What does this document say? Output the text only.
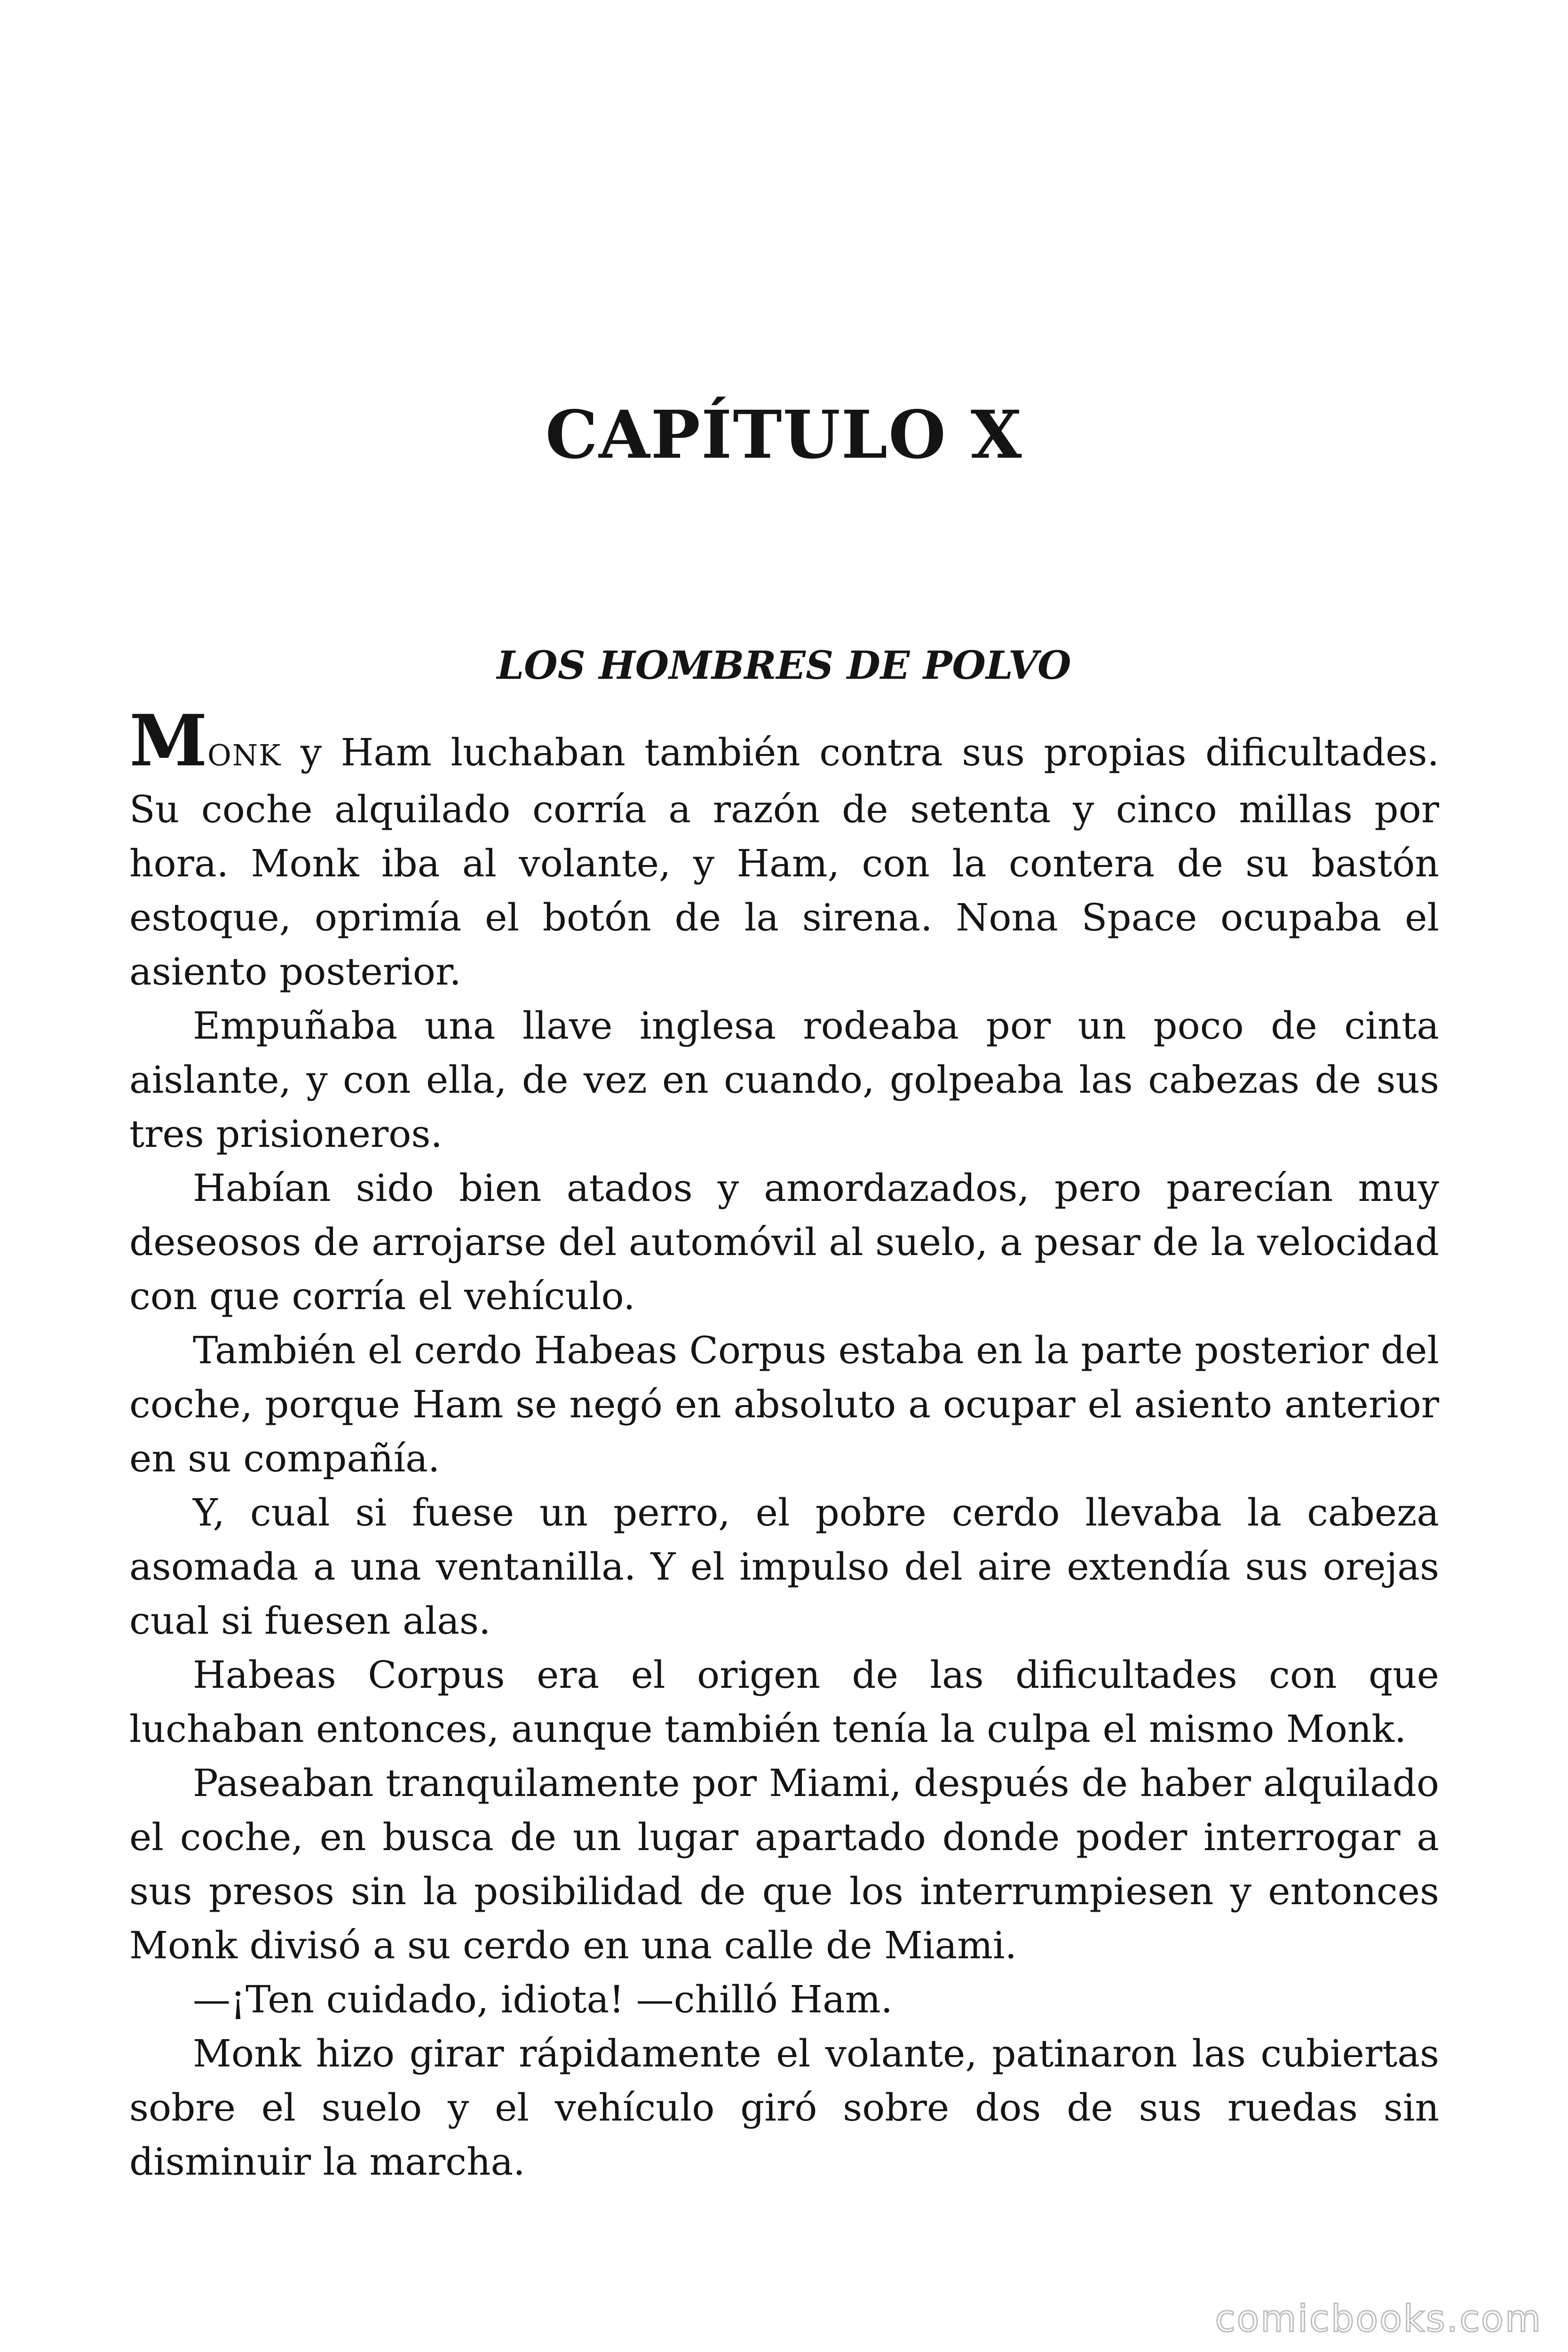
CAPÍTULO X
LOS HOMBRES DE POLVO

MONK y Ham luchaban también contra sus propias dificultades. Su coche alquilado corría a razón de setenta y cinco millas por hora. Monk iba al volante, y Ham, con la contera de su bastón estoque, oprimía el botón de la sirena. Nona Space ocupaba el asiento posterior.

Empuñaba una llave inglesa rodeaba por un poco de cinta aislante, y con ella, de vez en cuando, golpeaba las cabezas de sus tres prisioneros.

Habían sido bien atados y amordazados, pero parecían muy deseosos de arrojarse del automóvil al suelo, a pesar de la velocidad con que corría el vehículo.

También el cerdo Habeas Corpus estaba en la parte posterior del coche, porque Ham se negó en absoluto a ocupar el asiento anterior en su compañía.

Y, cual si fuese un perro, el pobre cerdo llevaba la cabeza asomada a una ventanilla. Y el impulso del aire extendía sus orejas cual si fuesen alas.

Habeas Corpus era el origen de las dificultades con que luchaban entonces, aunque también tenía la culpa el mismo Monk.

Paseaban tranquilamente por Miami, después de haber alquilado el coche, en busca de un lugar apartado donde poder interrogar a sus presos sin la posibilidad de que los interrumpiesen y entonces Monk divisó a su cerdo en una calle de Miami.

—¡Ten cuidado, idiota! —chilló Ham.

Monk hizo girar rápidamente el volante, patinaron las cubiertas sobre el suelo y el vehículo giró sobre dos de sus ruedas sin disminuir la marcha.

comicbooks.com
